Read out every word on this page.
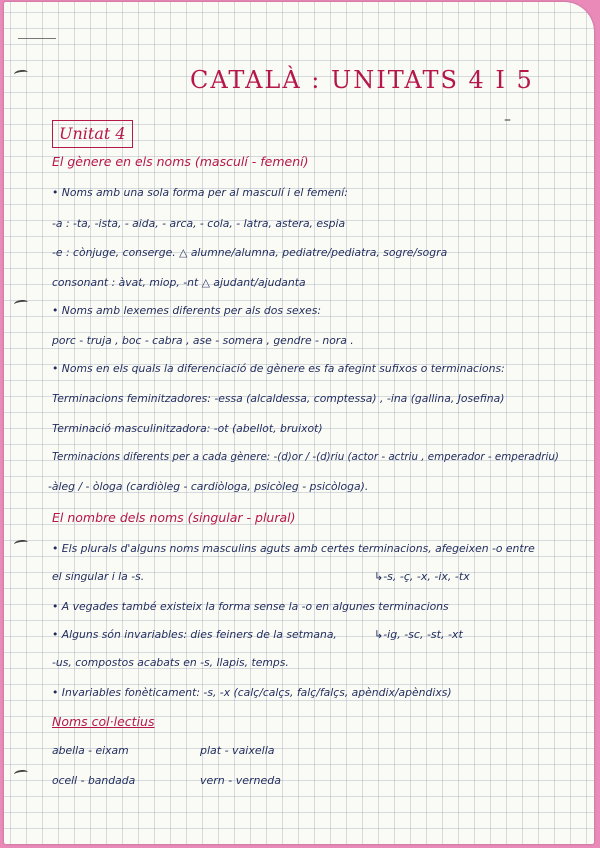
CATALÀ : UNITATS 4 I 5
Unitat 4
–
El gènere en els noms (masculí - femení)
• Noms amb una sola forma per al masculí i el femení:
-a : -ta, -ista, - aida, - arca, - cola, - latra, astera, espia
-e : cònjuge, conserge. △ alumne/alumna, pediatre/pediatra, sogre/sogra
consonant : àvat, miop, -nt △ ajudant/ajudanta
• Noms amb lexemes diferents per als dos sexes:
porc - truja , boc - cabra , ase - somera , gendre - nora .
• Noms en els quals la diferenciació de gènere es fa afegint sufixos o terminacions:
Terminacions feminitzadores: -essa (alcaldessa, comptessa) , -ina (gallina, Josefina)
Terminació masculinitzadora: -ot (abellot, bruixot)
Terminacions diferents per a cada gènere: -(d)or / -(d)riu (actor - actriu , emperador - emperadriu)
-àleg / - òloga (cardiòleg - cardiòloga, psicòleg - psicòloga).
El nombre dels noms (singular - plural)
• Els plurals d'alguns noms masculins aguts amb certes terminacions, afegeixen -o entre
el singular i la -s.	↳-s, -ç, -x, -ix, -tx
• A vegades també existeix la forma sense la -o en algunes terminacions
• Alguns són invariables: dies feiners de la setmana,	↳-ig, -sc, -st, -xt
-us, compostos acabats en -s, llapis, temps.
• Invariables fonèticament: -s, -x (calç/calçs, falç/falçs, apèndix/apèndixs)
Noms col·lectius
abella - eixam	plat - vaixella
ocell - bandada	vern - verneda
